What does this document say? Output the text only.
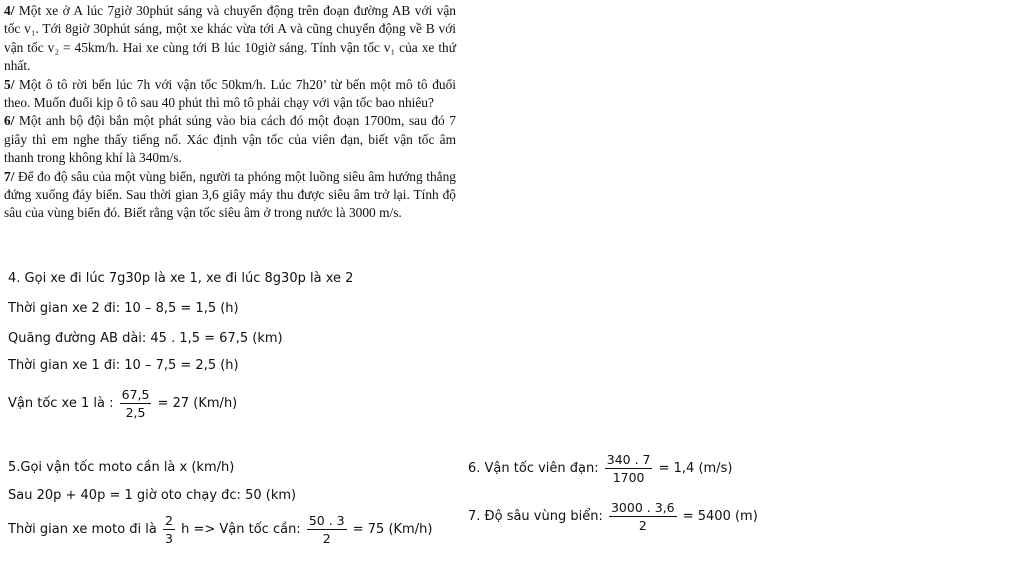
4/ Một xe ở A lúc 7giờ 30phút sáng và chuyển động trên đoạn đường AB với vận tốc v₁. Tới 8giờ 30phút sáng, một xe khác vừa tới A và cũng chuyển động về B với vận tốc v₂ = 45km/h. Hai xe cùng tới B lúc 10giờ sáng. Tính vận tốc v₁ của xe thứ nhất.

5/ Một ô tô rời bến lúc 7h với vận tốc 50km/h. Lúc 7h20’ từ bến một mô tô đuổi theo. Muốn đuổi kịp ô tô sau 40 phút thì mô tô phải chạy với vận tốc bao nhiêu?

6/ Một anh bộ đội bắn một phát súng vào bia cách đó một đoạn 1700m, sau đó 7 giây thì em nghe thấy tiếng nổ. Xác định vận tốc của viên đạn, biết vận tốc âm thanh trong không khí là 340m/s.

7/ Để đo độ sâu của một vùng biển, người ta phóng một luồng siêu âm hướng thẳng đứng xuống đáy biển. Sau thời gian 3,6 giây máy thu được siêu âm trở lại. Tính độ sâu của vùng biển đó. Biết rằng vận tốc siêu âm ở trong nước là 3000 m/s.

4. Gọi xe đi lúc 7g30p là xe 1, xe đi lúc 8g30p là xe 2
Thời gian xe 2 đi: 10 – 8,5 = 1,5 (h)
Quãng đường AB dài: 45 . 1,5 = 67,5 (km)
Thời gian xe 1 đi: 10 – 7,5 = 2,5 (h)
Vận tốc xe 1 là : $\frac{67,5}{2,5} = 27$ (Km/h)
5.Gọi vận tốc moto cần là x (km/h)
Sau 20p + 40p = 1 giờ oto chạy đc: 50 (km)
Thời gian xe moto đi là $\frac{2}{3}$ h => Vận tốc cần: $\frac{50 . 3}{2} = 75$ (Km/h)
6. Vận tốc viên đạn: $\frac{340 . 7}{1700} = 1,4$ (m/s)
7. Độ sâu vùng biển: $\frac{3000 . 3,6}{2} = 5400$ (m)
